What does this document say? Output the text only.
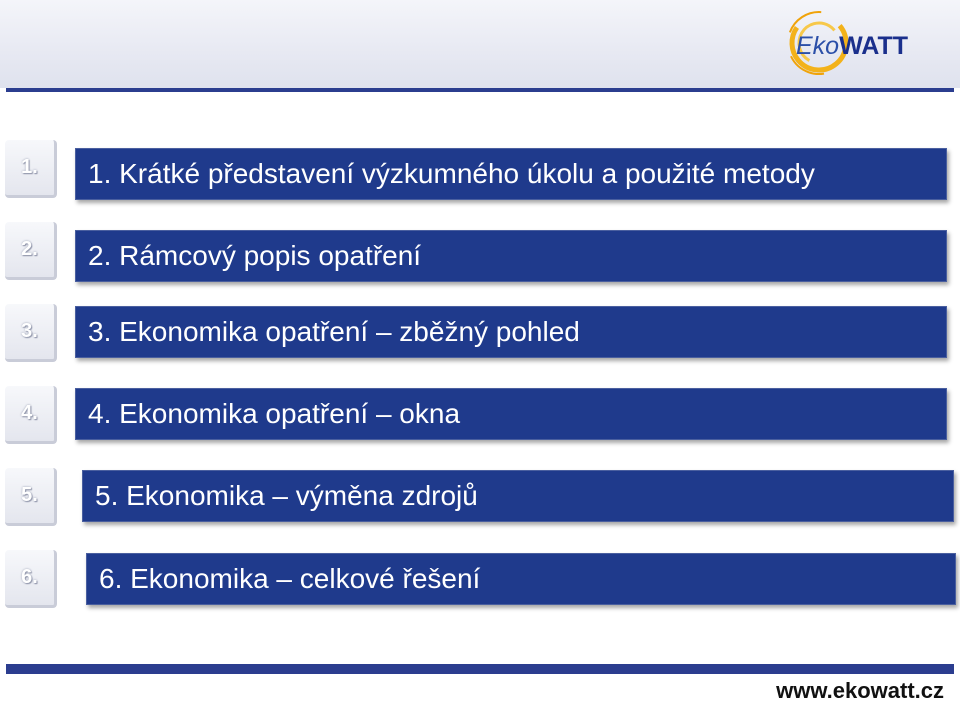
EkoWATT
1.	1. Krátké představení výzkumného úkolu a použité metody
2.	2. Rámcový popis opatření
3.	3. Ekonomika opatření – zběžný pohled
4.	4. Ekonomika opatření – okna
5.	5. Ekonomika – výměna zdrojů
6.	6. Ekonomika – celkové řešení
www.ekowatt.cz
